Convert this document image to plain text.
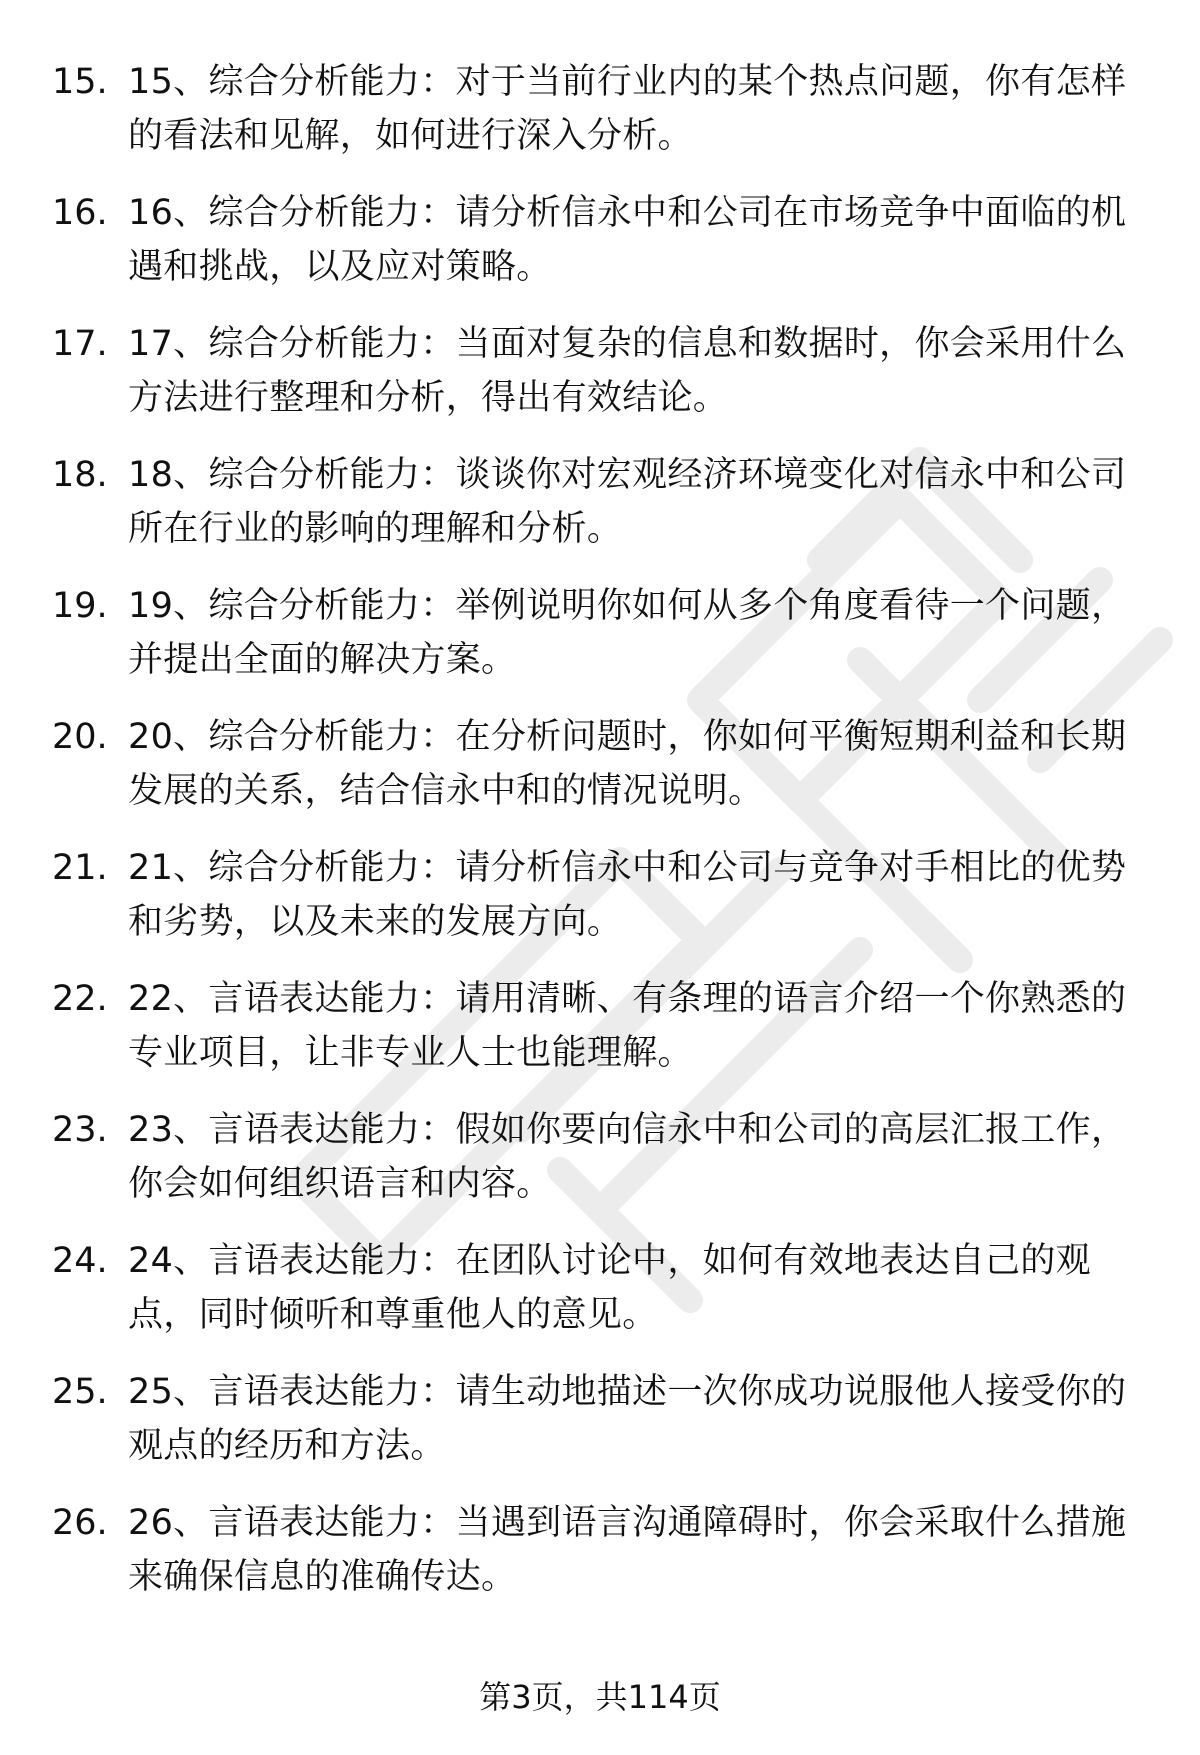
15. 15、综合分析能力：对于当前行业内的某个热点问题，你有怎样的看法和见解，如何进行深入分析。
16. 16、综合分析能力：请分析信永中和公司在市场竞争中面临的机遇和挑战，以及应对策略。
17. 17、综合分析能力：当面对复杂的信息和数据时，你会采用什么方法进行整理和分析，得出有效结论。
18. 18、综合分析能力：谈谈你对宏观经济环境变化对信永中和公司所在行业的影响的理解和分析。
19. 19、综合分析能力：举例说明你如何从多个角度看待一个问题，并提出全面的解决方案。
20. 20、综合分析能力：在分析问题时，你如何平衡短期利益和长期发展的关系，结合信永中和的情况说明。
21. 21、综合分析能力：请分析信永中和公司与竞争对手相比的优势和劣势，以及未来的发展方向。
22. 22、言语表达能力：请用清晰、有条理的语言介绍一个你熟悉的专业项目，让非专业人士也能理解。
23. 23、言语表达能力：假如你要向信永中和公司的高层汇报工作，你会如何组织语言和内容。
24. 24、言语表达能力：在团队讨论中，如何有效地表达自己的观点，同时倾听和尊重他人的意见。
25. 25、言语表达能力：请生动地描述一次你成功说服他人接受你的观点的经历和方法。
26. 26、言语表达能力：当遇到语言沟通障碍时，你会采取什么措施来确保信息的准确传达。
第3页，共114页
